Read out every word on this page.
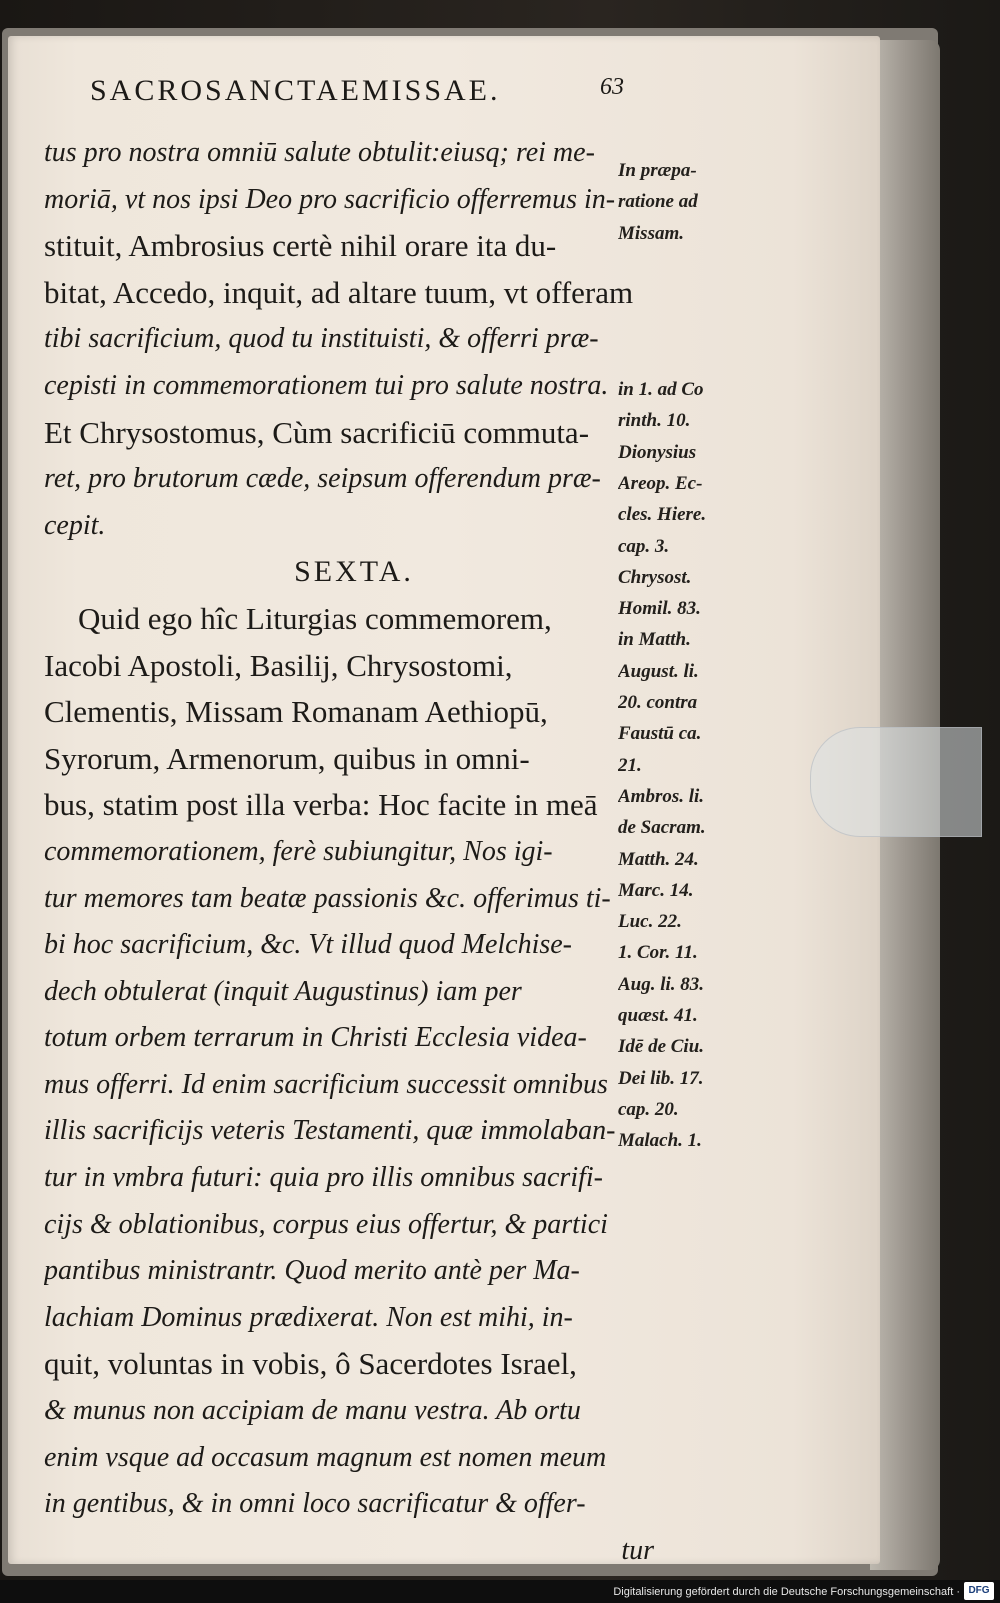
SACROSANCTAEMISSAE.	63
tus pro nostra omniū salute obtulit:eiusq; rei me-
moriā, vt nos ipsi Deo pro sacrificio offerremus in-
stituit, Ambrosius certè nihil orare ita du-
bitat, Accedo, inquit, ad altare tuum, vt offeram
tibi sacrificium, quod tu instituisti, & offerri præ-
cepisti in commemorationem tui pro salute nostra.
Et Chrysostomus, Cùm sacrificiū commuta-
ret, pro brutorum cæde, seipsum offerendum præ-
cepit.
SEXTA.
Quid ego hîc Liturgias commemorem,
Iacobi Apostoli, Basilij, Chrysostomi,
Clementis, Missam Romanam Aethiopū,
Syrorum, Armenorum, quibus in omni-
bus, statim post illa verba: Hoc facite in meā
commemorationem, ferè subiungitur, Nos igi-
tur memores tam beatæ passionis &c. offerimus ti-
bi hoc sacrificium, &c. Vt illud quod Melchise-
dech obtulerat (inquit Augustinus) iam per
totum orbem terrarum in Christi Ecclesia videa-
mus offerri. Id enim sacrificium successit omnibus
illis sacrificijs veteris Testamenti, quæ immolaban-
tur in vmbra futuri: quia pro illis omnibus sacrifi-
cijs & oblationibus, corpus eius offertur, & partici
pantibus ministrantr. Quod merito antè per Ma-
lachiam Dominus prædixerat. Non est mihi, in-
quit, voluntas in vobis, ô Sacerdotes Israel,
& munus non accipiam de manu vestra. Ab ortu
enim vsque ad occasum magnum est nomen meum
in gentibus, & in omni loco sacrificatur & offer-
tur
In præpa-
ratione ad
Missam.
in 1. ad Co
rinth. 10.
Dionysius
Areop. Ec-
cles. Hiere.
cap. 3.
Chrysost.
Homil. 83.
in Matth.
August. li.
20. contra
Faustū ca.
21.
Ambros. li.
de Sacram.
Matth. 24.
Marc. 14.
Luc. 22.
1. Cor. 11.
Aug. li. 83.
quæst. 41.
Idē de Ciu.
Dei lib. 17.
cap. 20.
Malach. 1.
Digitalisierung gefördert durch die Deutsche Forschungsgemeinschaft · DFG
